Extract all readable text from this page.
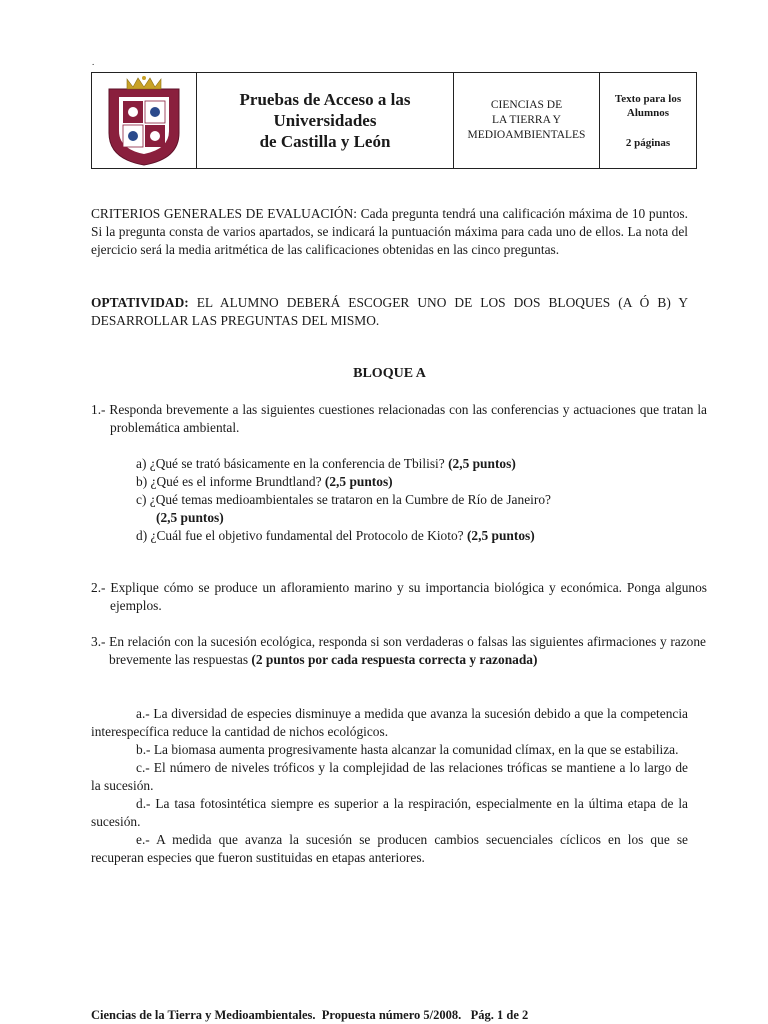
.
Pruebas de Acceso a las
Universidades
de Castilla y León
CIENCIAS DE
LA TIERRA Y
MEDIOAMBIENTALES
Texto para los
Alumnos
2 páginas

CRITERIOS GENERALES DE EVALUACIÓN: Cada pregunta tendrá una calificación máxima de 10 puntos. Si la pregunta consta de varios apartados, se indicará la puntuación máxima para cada uno de ellos. La nota del ejercicio será la media aritmética de las calificaciones obtenidas en las cinco preguntas.

OPTATIVIDAD: EL ALUMNO DEBERÁ ESCOGER UNO DE LOS DOS BLOQUES (A Ó B) Y DESARROLLAR LAS PREGUNTAS DEL MISMO.

BLOQUE A

1.- Responda brevemente a las siguientes cuestiones relacionadas con las conferencias y actuaciones que tratan la problemática ambiental.

a) ¿Qué se trató básicamente en la conferencia de Tbilisi? (2,5 puntos)
b) ¿Qué es el informe Brundtland? (2,5 puntos)
c) ¿Qué temas medioambientales se trataron en la Cumbre de Río de Janeiro?
(2,5 puntos)
d) ¿Cuál fue el objetivo fundamental del Protocolo de Kioto? (2,5 puntos)

2.- Explique cómo se produce un afloramiento marino y su importancia biológica y económica. Ponga algunos ejemplos.

3.- En relación con la sucesión ecológica, responda si son verdaderas o falsas las siguientes afirmaciones y razone brevemente las respuestas (2 puntos por cada respuesta correcta y razonada)

a.- La diversidad de especies disminuye a medida que avanza la sucesión debido a que la competencia interespecífica reduce la cantidad de nichos ecológicos.

b.- La biomasa aumenta progresivamente hasta alcanzar la comunidad clímax, en la que se estabiliza.

c.- El número de niveles tróficos y la complejidad de las relaciones tróficas se mantiene a lo largo de la sucesión.

d.- La tasa fotosintética siempre es superior a la respiración, especialmente en la última etapa de la sucesión.

e.- A medida que avanza la sucesión se producen cambios secuenciales cíclicos en los que se recuperan especies que fueron sustituidas en etapas anteriores.

Ciencias de la Tierra y Medioambientales.  Propuesta número 5/2008.   Pág. 1 de 2
